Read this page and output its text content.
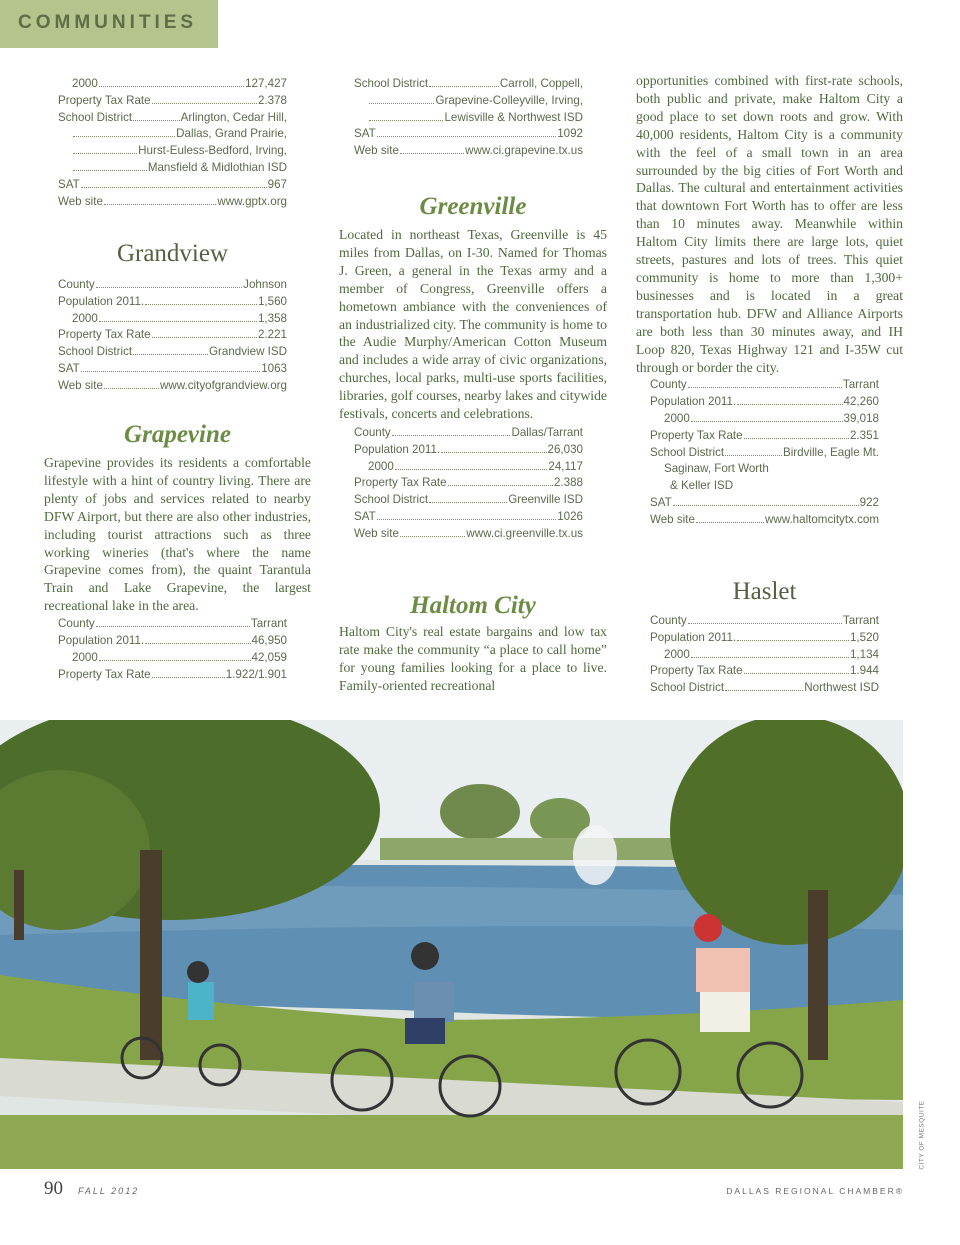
COMMUNITIES
2000	127,427
Property Tax Rate	2.378
School District	Arlington, Cedar Hill,
Dallas, Grand Prairie,
Hurst-Euless-Bedford, Irving,
Mansfield & Midlothian ISD
SAT	967
Web site	www.gptx.org
Grandview
County	Johnson
Population 2011.	1,560
2000	1,358
Property Tax Rate	2.221
School District	Grandview ISD
SAT	1063
Web site	www.cityofgrandview.org
Grapevine

Grapevine provides its residents a comfortable lifestyle with a hint of country living. There are plenty of jobs and services related to nearby DFW Airport, but there are also other industries, including tourist attractions such as three working wineries (that's where the name Grapevine comes from), the quaint Tarantula Train and Lake Grapevine, the largest recreational lake in the area.

County	Tarrant
Population 2011.	46,950
2000	42,059
Property Tax Rate	1.922/1.901
School District	Carroll, Coppell,
Grapevine-Colleyville, Irving,
Lewisville & Northwest ISD
SAT	1092
Web site	www.ci.grapevine.tx.us
Greenville

Located in northeast Texas, Greenville is 45 miles from Dallas, on I-30. Named for Thomas J. Green, a general in the Texas army and a member of Congress, Greenville offers a hometown ambiance with the conveniences of an industrialized city. The community is home to the Audie Murphy/American Cotton Museum and includes a wide array of civic organizations, churches, local parks, multi-use sports facilities, libraries, golf courses, nearby lakes and citywide festivals, concerts and celebrations.

County	Dallas/Tarrant
Population 2011.	26,030
2000	24,117
Property Tax Rate	2.388
School District	Greenville ISD
SAT	1026
Web site	www.ci.greenville.tx.us
Haltom City

Haltom City's real estate bargains and low tax rate make the community “a place to call home” for young families looking for a place to live. Family-oriented recreational

opportunities combined with first-rate schools, both public and private, make Haltom City a good place to set down roots and grow. With 40,000 residents, Haltom City is a community with the feel of a small town in an area surrounded by the big cities of Fort Worth and Dallas. The cultural and entertainment activities that downtown Fort Worth has to offer are less than 10 minutes away. Meanwhile within Haltom City limits there are large lots, quiet streets, pastures and lots of trees. This quiet community is home to more than 1,300+ businesses and is located in a great transportation hub. DFW and Alliance Airports are both less than 30 minutes away, and IH Loop 820, Texas Highway 121 and I-35W cut through or border the city.

County	Tarrant
Population 2011.	42,260
2000	39,018
Property Tax Rate	2.351
School District	Birdville, Eagle Mt.
Saginaw, Fort Worth
& Keller ISD
SAT	922
Web site	www.haltomcitytx.com
Haslet
County	Tarrant
Population 2011.	1,520
2000	1,134
Property Tax Rate	1.944
School District	Northwest ISD
CITY OF MESQUITE
90 FALL 2012	DALLAS REGIONAL CHAMBER®
